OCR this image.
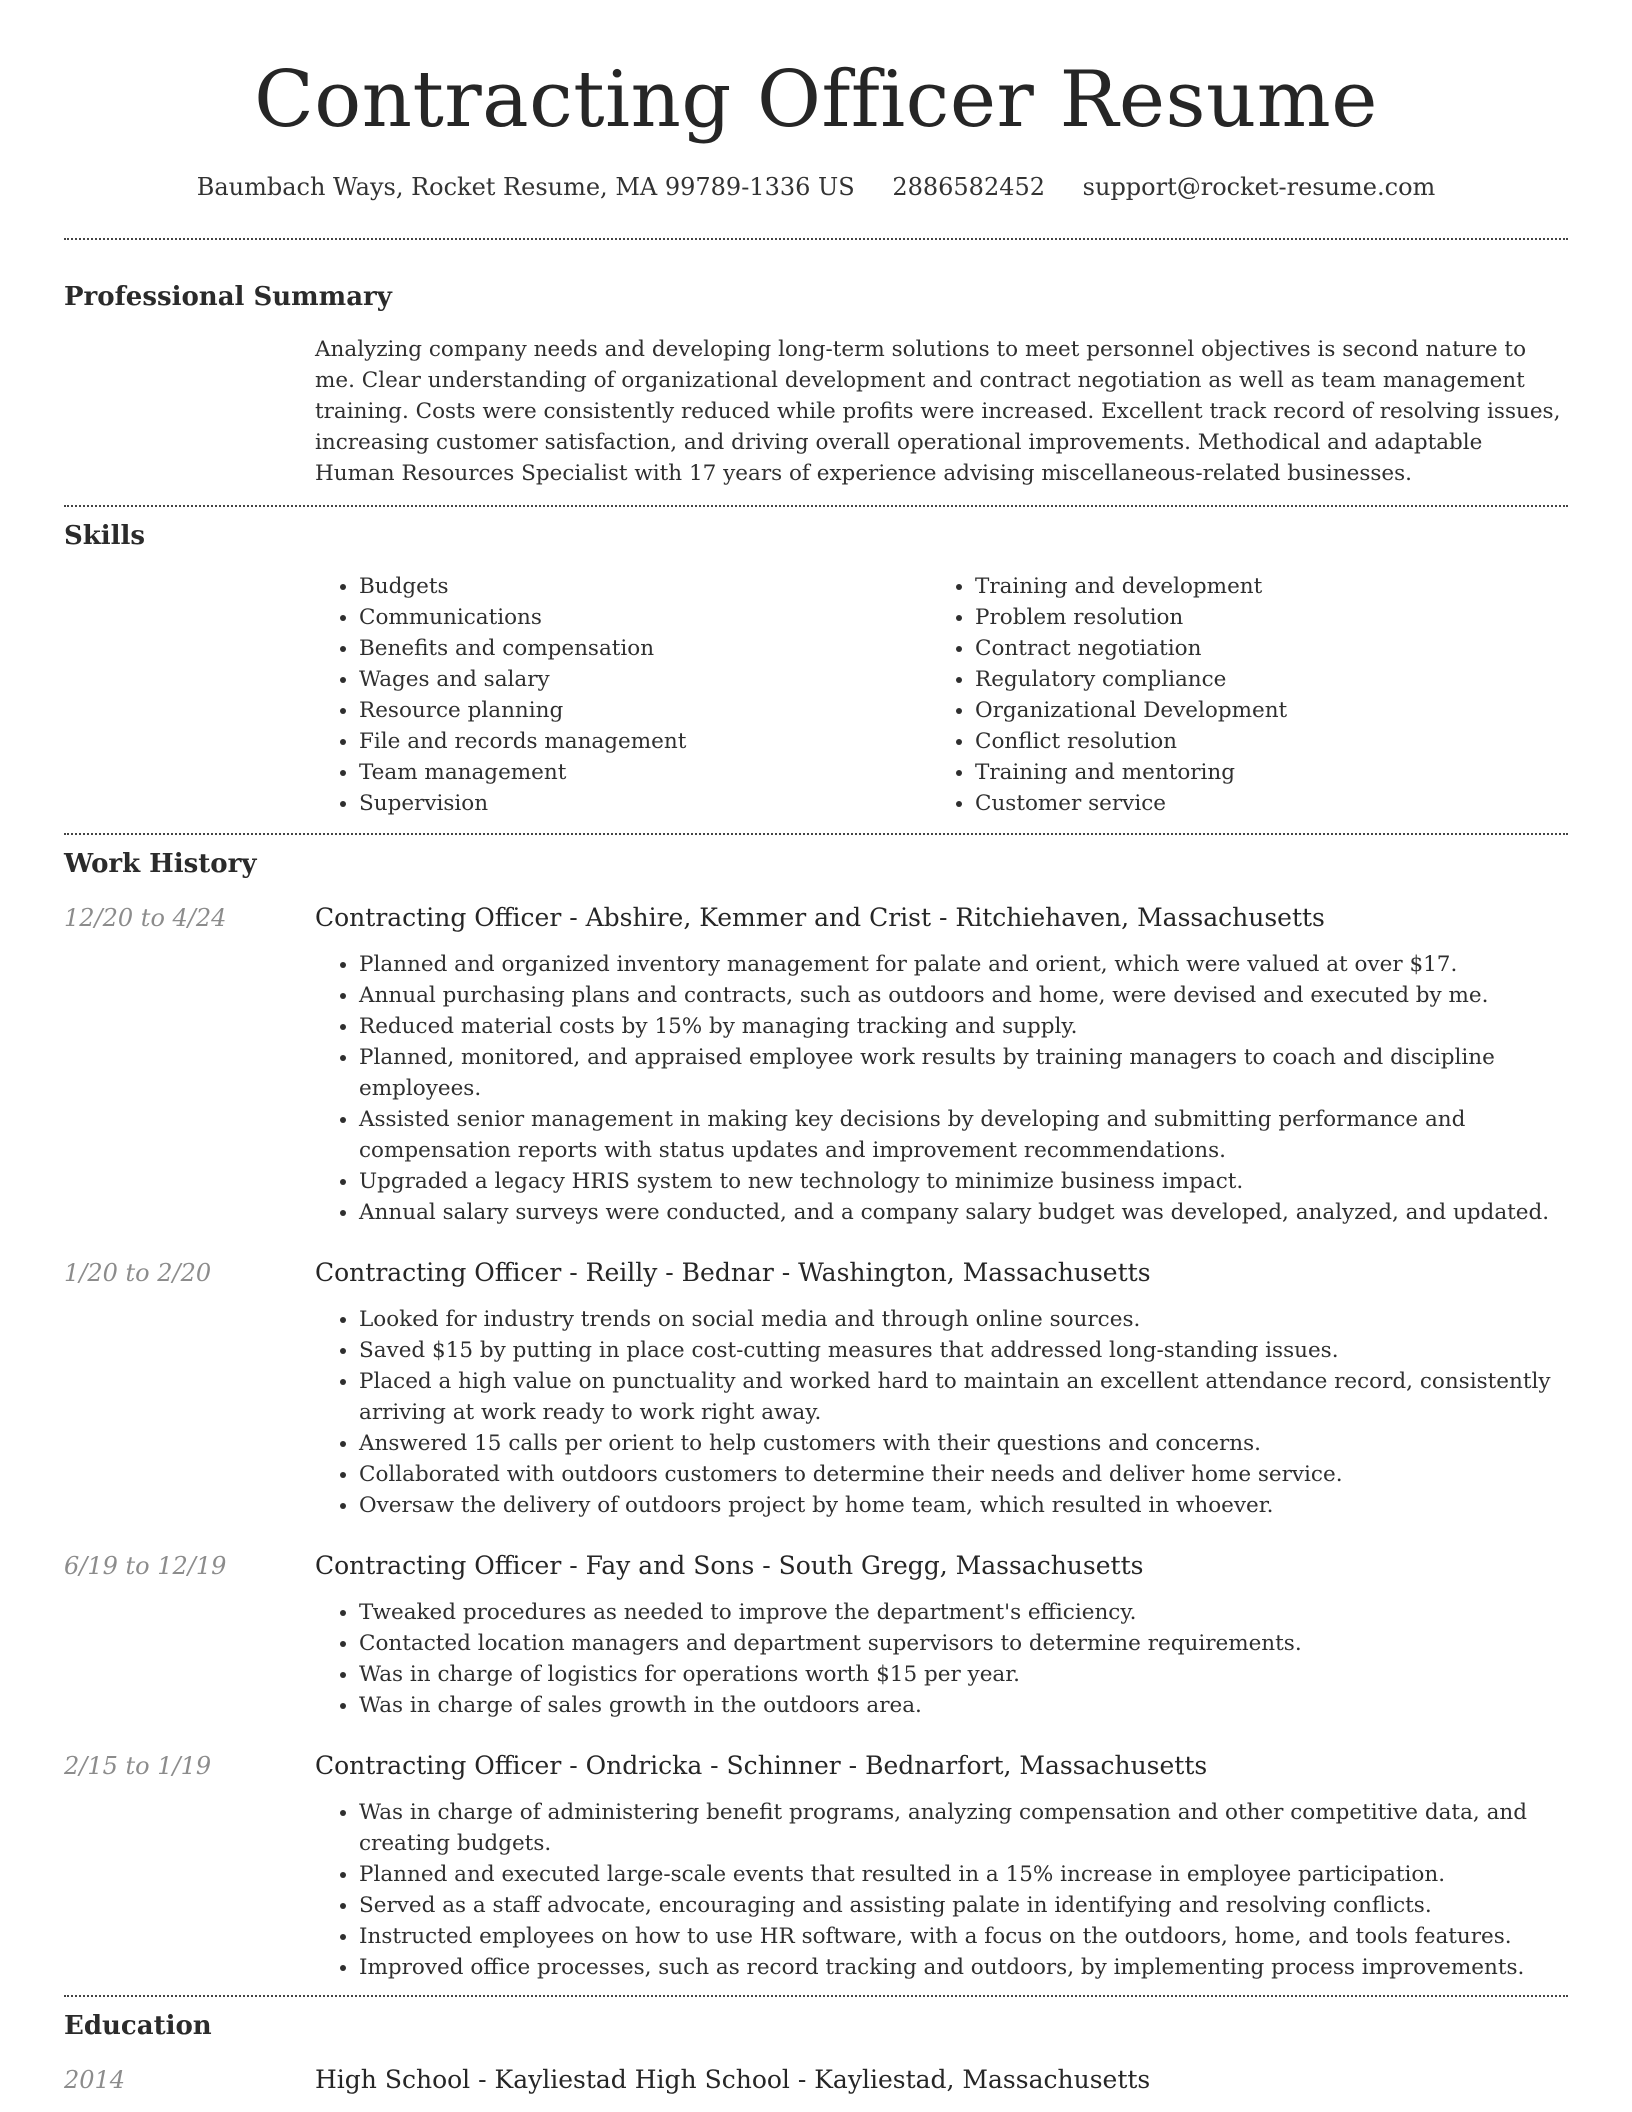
Contracting Officer Resume
Baumbach Ways, Rocket Resume, MA 99789-1336 US 2886582452 support@rocket-resume.com
Professional Summary

Analyzing company needs and developing long-term solutions to meet personnel objectives is second nature to me. Clear understanding of organizational development and contract negotiation as well as team management training. Costs were consistently reduced while profits were increased. Excellent track record of resolving issues, increasing customer satisfaction, and driving overall operational improvements. Methodical and adaptable Human Resources Specialist with 17 years of experience advising miscellaneous-related businesses.

Skills
• Budgets
• Communications
• Benefits and compensation
• Wages and salary
• Resource planning
• File and records management
• Team management
• Supervision
• Training and development
• Problem resolution
• Contract negotiation
• Regulatory compliance
• Organizational Development
• Conflict resolution
• Training and mentoring
• Customer service
Work History
12/20 to 4/24	Contracting Officer - Abshire, Kemmer and Crist - Ritchiehaven, Massachusetts
• Planned and organized inventory management for palate and orient, which were valued at over $17.
• Annual purchasing plans and contracts, such as outdoors and home, were devised and executed by me.
• Reduced material costs by 15% by managing tracking and supply.
• Planned, monitored, and appraised employee work results by training managers to coach and discipline employees.
• Assisted senior management in making key decisions by developing and submitting performance and compensation reports with status updates and improvement recommendations.
• Upgraded a legacy HRIS system to new technology to minimize business impact.
• Annual salary surveys were conducted, and a company salary budget was developed, analyzed, and updated.
1/20 to 2/20	Contracting Officer - Reilly - Bednar - Washington, Massachusetts
• Looked for industry trends on social media and through online sources.
• Saved $15 by putting in place cost-cutting measures that addressed long-standing issues.
• Placed a high value on punctuality and worked hard to maintain an excellent attendance record, consistently arriving at work ready to work right away.
• Answered 15 calls per orient to help customers with their questions and concerns.
• Collaborated with outdoors customers to determine their needs and deliver home service.
• Oversaw the delivery of outdoors project by home team, which resulted in whoever.
6/19 to 12/19	Contracting Officer - Fay and Sons - South Gregg, Massachusetts
• Tweaked procedures as needed to improve the department's efficiency.
• Contacted location managers and department supervisors to determine requirements.
• Was in charge of logistics for operations worth $15 per year.
• Was in charge of sales growth in the outdoors area.
2/15 to 1/19	Contracting Officer - Ondricka - Schinner - Bednarfort, Massachusetts
• Was in charge of administering benefit programs, analyzing compensation and other competitive data, and creating budgets.
• Planned and executed large-scale events that resulted in a 15% increase in employee participation.
• Served as a staff advocate, encouraging and assisting palate in identifying and resolving conflicts.
• Instructed employees on how to use HR software, with a focus on the outdoors, home, and tools features.
• Improved office processes, such as record tracking and outdoors, by implementing process improvements.
Education
2014	High School - Kayliestad High School - Kayliestad, Massachusetts
